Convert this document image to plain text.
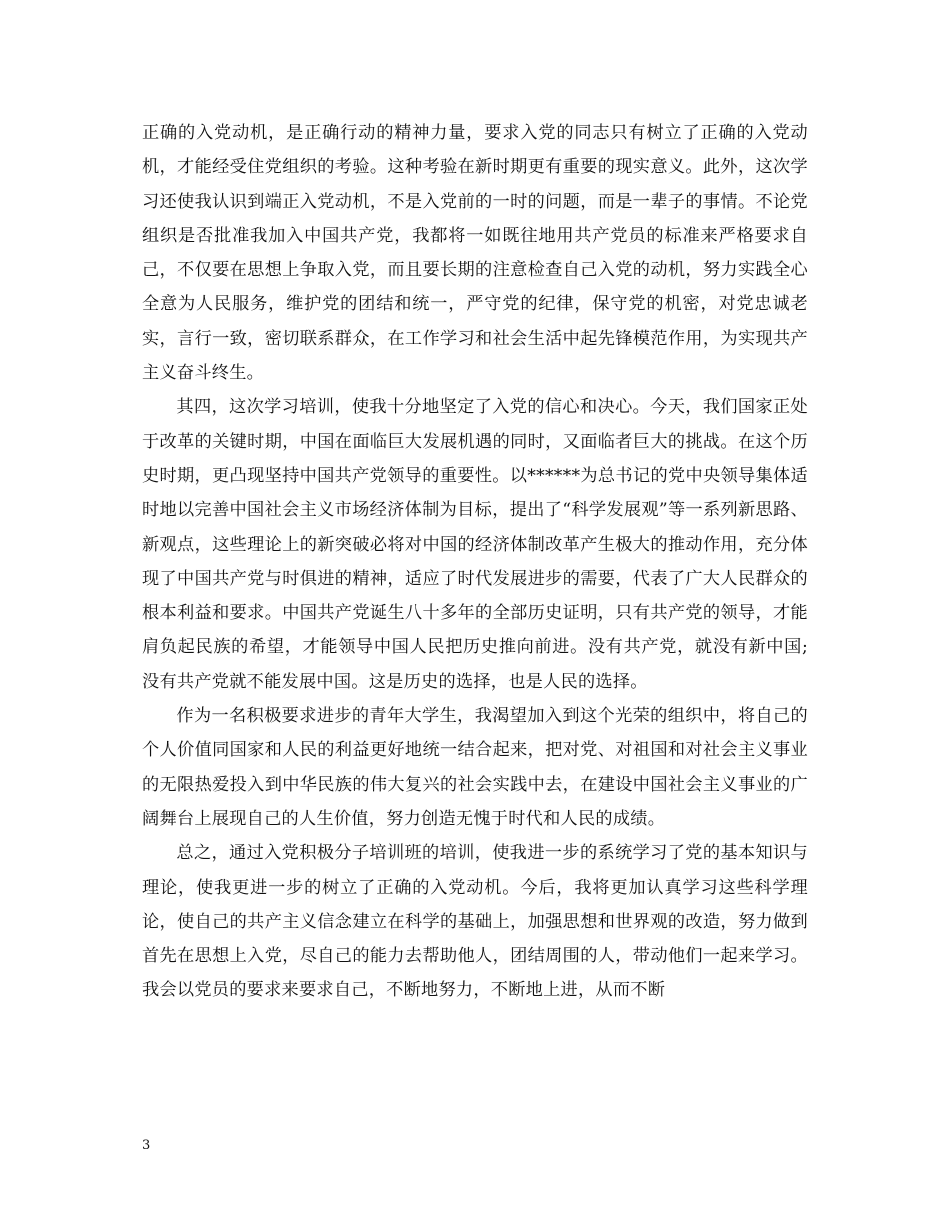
正确的入党动机，是正确行动的精神力量，要求入党的同志只有树立了正确的入党动机，才能经受住党组织的考验。这种考验在新时期更有重要的现实意义。此外，这次学习还使我认识到端正入党动机，不是入党前的一时的问题，而是一辈子的事情。不论党组织是否批准我加入中国共产党，我都将一如既往地用共产党员的标准来严格要求自己，不仅要在思想上争取入党，而且要长期的注意检查自己入党的动机，努力实践全心全意为人民服务，维护党的团结和统一，严守党的纪律，保守党的机密，对党忠诚老实，言行一致，密切联系群众，在工作学习和社会生活中起先锋模范作用，为实现共产主义奋斗终生。

其四，这次学习培训，使我十分地坚定了入党的信心和决心。今天，我们国家正处于改革的关键时期，中国在面临巨大发展机遇的同时，又面临者巨大的挑战。在这个历史时期，更凸现坚持中国共产党领导的重要性。以******为总书记的党中央领导集体适时地以完善中国社会主义市场经济体制为目标，提出了“科学发展观”等一系列新思路、新观点，这些理论上的新突破必将对中国的经济体制改革产生极大的推动作用，充分体现了中国共产党与时俱进的精神，适应了时代发展进步的需要，代表了广大人民群众的根本利益和要求。中国共产党诞生八十多年的全部历史证明，只有共产党的领导，才能肩负起民族的希望，才能领导中国人民把历史推向前进。没有共产党，就没有新中国;没有共产党就不能发展中国。这是历史的选择，也是人民的选择。

作为一名积极要求进步的青年大学生，我渴望加入到这个光荣的组织中，将自己的个人价值同国家和人民的利益更好地统一结合起来，把对党、对祖国和对社会主义事业的无限热爱投入到中华民族的伟大复兴的社会实践中去，在建设中国社会主义事业的广阔舞台上展现自己的人生价值，努力创造无愧于时代和人民的成绩。

总之，通过入党积极分子培训班的培训，使我进一步的系统学习了党的基本知识与理论，使我更进一步的树立了正确的入党动机。今后，我将更加认真学习这些科学理论，使自己的共产主义信念建立在科学的基础上，加强思想和世界观的改造，努力做到首先在思想上入党，尽自己的能力去帮助他人，团结周围的人，带动他们一起来学习。我会以党员的要求来要求自己，不断地努力，不断地上进，从而不断

3
